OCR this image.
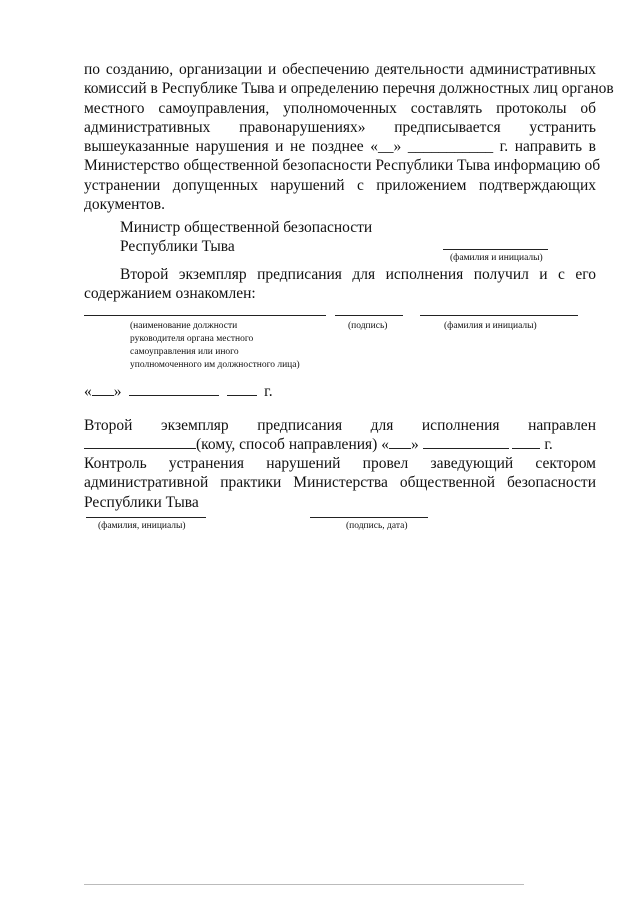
по созданию, организации и обеспечению деятельности административных
комиссий в Республике Тыва и определению перечня должностных лиц органов
местного самоуправления, уполномоченных составлять протоколы об
административных правонарушениях» предписывается устранить
вышеуказанные нарушения и не позднее «__» ___________ г. направить в
Министерство общественной безопасности Республики Тыва информацию об
устранении допущенных нарушений с приложением подтверждающих
документов.
Министр общественной безопасности
Республики Тыва
(фамилия и инициалы)
Второй экземпляр предписания для исполнения получил и с его
содержанием ознакомлен:
(наименование должности
руководителя органа местного
самоуправления или иного
уполномоченного им должностного лица)
(подпись)	(фамилия и инициалы)
« »	г.
Второй экземпляр предписания для исполнения направлен
(кому, способ направления) « »	г.
Контроль устранения нарушений провел заведующий сектором
административной практики Министерства общественной безопасности
Республики Тыва
(фамилия, инициалы)	(подпись, дата)
